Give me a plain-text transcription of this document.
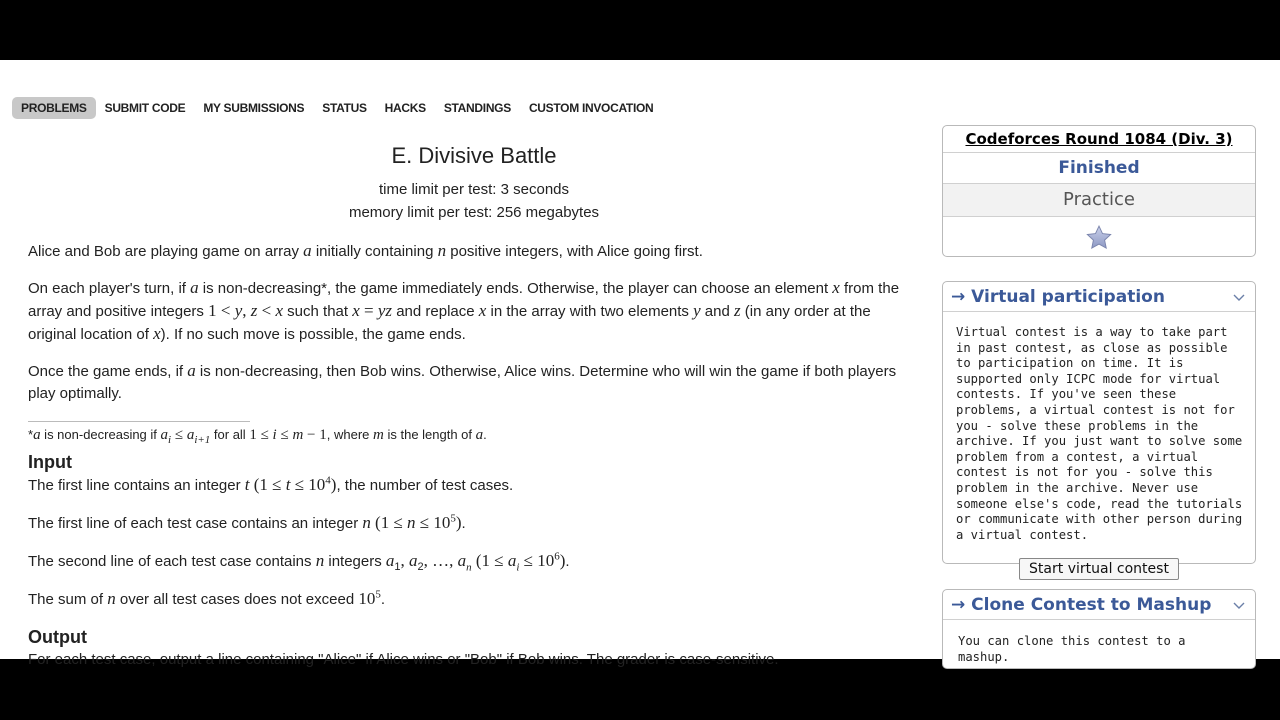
PROBLEMS	SUBMIT CODE	MY SUBMISSIONS	STATUS	HACKS	STANDINGS	CUSTOM INVOCATION
E. Divisive Battle
time limit per test: 3 seconds
memory limit per test: 256 megabytes
Alice and Bob are playing game on array a initially containing n positive integers, with Alice going first.
On each player's turn, if a is non-decreasing*, the game immediately ends. Otherwise, the player can choose an element x from the array and positive integers 1 < y, z < x such that x = yz and replace x in the array with two elements y and z (in any order at the original location of x). If no such move is possible, the game ends.
Once the game ends, if a is non-decreasing, then Bob wins. Otherwise, Alice wins. Determine who will win the game if both players play optimally.
*a is non-decreasing if $a_i \le a_{i+1}$ for all 1 ≤ i ≤ m − 1, where m is the length of a.
Input
The first line contains an integer t $(1 \le t \le 10^4)$, the number of test cases.
The first line of each test case contains an integer n $(1 \le n \le 10^5)$.
The second line of each test case contains n integers $a_1$, $a_2$, …, $a_n$ $(1 \le a_i \le 10^6)$.
The sum of n over all test cases does not exceed $10^5$.
Output
For each test case, output a line containing "Alice" if Alice wins or "Bob" if Bob wins. The grader is case-sensitive.
Codeforces Round 1084 (Div. 3)
Finished
Practice
→ Virtual participation
Virtual contest is a way to take part in past contest, as close as possible to participation on time. It is supported only ICPC mode for virtual contests. If you've seen these problems, a virtual contest is not for you - solve these problems in the archive. If you just want to solve some problem from a contest, a virtual contest is not for you - solve this problem in the archive. Never use someone else's code, read the tutorials or communicate with other person during a virtual contest.
Start virtual contest
→ Clone Contest to Mashup
You can clone this contest to a mashup.
